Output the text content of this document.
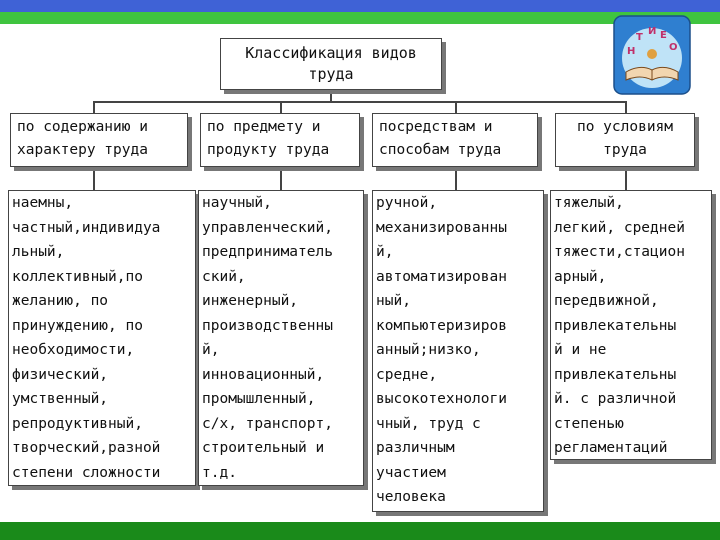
Классификация видов
труда
по содержанию и
характеру труда
по предмету и
продукту труда
посредствам и
способам труда
по условиям
труда
наемны,
частный,индивидуа
льный,
коллективный,по
желанию, по
принуждению, по
необходимости,
физический,
умственный,
репродуктивный,
творческий,разной
степени сложности
научный,
управленческий,
предприниматель
ский,
инженерный,
производственны
й,
инновационный,
промышленный,
с/х, транспорт,
строительный и
т.д.
ручной,
механизированны
й,
автоматизирован
ный,
компьютеризиров
анный;низко,
средне,
высокотехнологи
чный, труд с
различным
участием
человека
тяжелый,
легкий, средней
тяжести,стацион
арный,
передвижной,
привлекательны
й и не
привлекательны
й. с различной
степенью
регламентаций
Н
Т
И Е
О
